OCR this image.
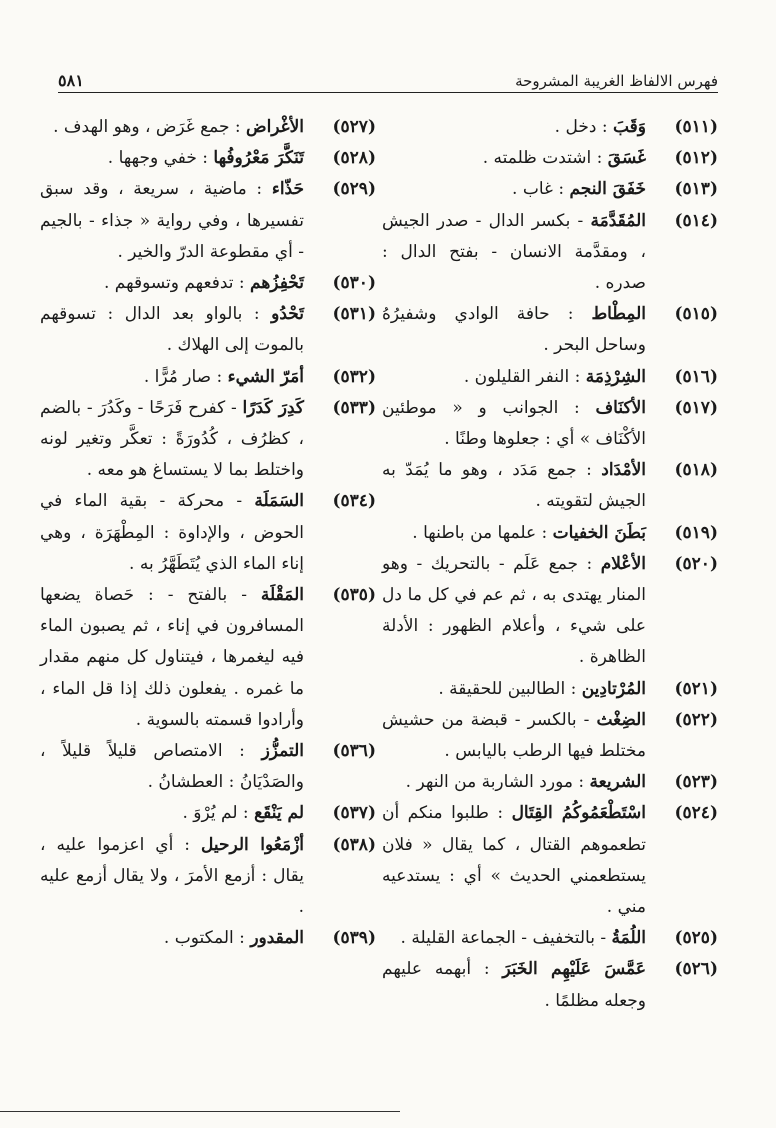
فهرس الالفاظ الغريبة المشروحة
٥٨١
(٥١١)
وَقَبَ : دخل .
(٥١٢)
غَسَقَ : اشتدت ظلمته .
(٥١٣)
خَفَقَ النجم : غاب .
(٥١٤)
المُقَدَّمَة - بكسر الدال - صدر الجيش ، ومقدَّمة الانسان - بفتح الدال : صدره .
(٥١٥)
المِطْاط : حافة الوادي وشفيرُهُ وساحل البحر .
(٥١٦)
الشِرْذِمَة : النفر القليلون .
(٥١٧)
الأكنَاف : الجوانب و « موطئين الأكْنَاف » أي : جعلوها وطنًا .
(٥١٨)
الأمْدَاد : جمع مَدَد ، وهو ما يُمَدّ به الجيش لتقويته .
(٥١٩)
بَطَنَ الخفيات : علمها من باطنها .
(٥٢٠)
الأعْلام : جمع عَلَم - بالتحريك - وهو المنار يهتدى به ، ثم عم في كل ما دل على شيء ، وأعلام الظهور : الأدلة الظاهرة .
(٥٢١)
المُرْتادِين : الطالبين للحقيقة .
(٥٢٢)
الضِغْث - بالكسر - قبضة من حشيش مختلط فيها الرطب باليابس .
(٥٢٣)
الشريعة : مورد الشاربة من النهر .
(٥٢٤)
اسْتَطْعَمُوكُمُ القِتَال : طلبوا منكم أن تطعموهم القتال ، كما يقال « فلان يستطعمني الحديث » أي : يستدعيه مني .
(٥٢٥)
اللُمَةُ - بالتخفيف - الجماعة القليلة .
(٥٢٦)
عَمَّسَ عَلَيْهِم الخَبَرَ : أبهمه عليهم وجعله مظلمًا .
(٥٢٧)
الأغْراض : جمع غَرَض ، وهو الهدف .
(٥٢٨)
تَنَكَّرَ مَعْرُوفُها : خفي وجهها .
(٥٢٩)
حَذّاء : ماضية ، سريعة ، وقد سبق تفسيرها ، وفي رواية « جذاء - بالجيم - أي مقطوعة الدرّ والخير .
(٥٣٠)
تَحْفِزُهم : تدفعهم وتسوقهم .
(٥٣١)
تَحْدُو : بالواو بعد الدال : تسوقهم بالموت إلى الهلاك .
(٥٣٢)
أمَرّ الشيء : صار مُرًّا .
(٥٣٣)
كَدِرَ كَدَرًا - كفرح فَرَحًا - وكَدُرَ - بالضم ، كظرُف ، كُدُورَةً : تعكَّر وتغير لونه واختلط بما لا يستساغ هو معه .
(٥٣٤)
السَمَلَة - محركة - بقية الماء في الحوض ، والإداوة : المِطْهَرَة ، وهي إناء الماء الذي يُتَطَهَّرُ به .
(٥٣٥)
المَقْلَة - بالفتح - : حَصاة يضعها المسافرون في إناء ، ثم يصبون الماء فيه ليغمرها ، فيتناول كل منهم مقدار ما غمره . يفعلون ذلك إذا قل الماء ، وأرادوا قسمته بالسوية .
(٥٣٦)
التمزُّز : الامتصاص قليلاً قليلاً ، والصَدْيَانُ : العطشانُ .
(٥٣٧)
لم يَنْقَع : لم يُرْوَ .
(٥٣٨)
أزْمَعُوا الرحيل : أي اعزموا عليه ، يقال : أزمع الأمرَ ، ولا يقال أزمع عليه .
(٥٣٩)
المقدور : المكتوب .
